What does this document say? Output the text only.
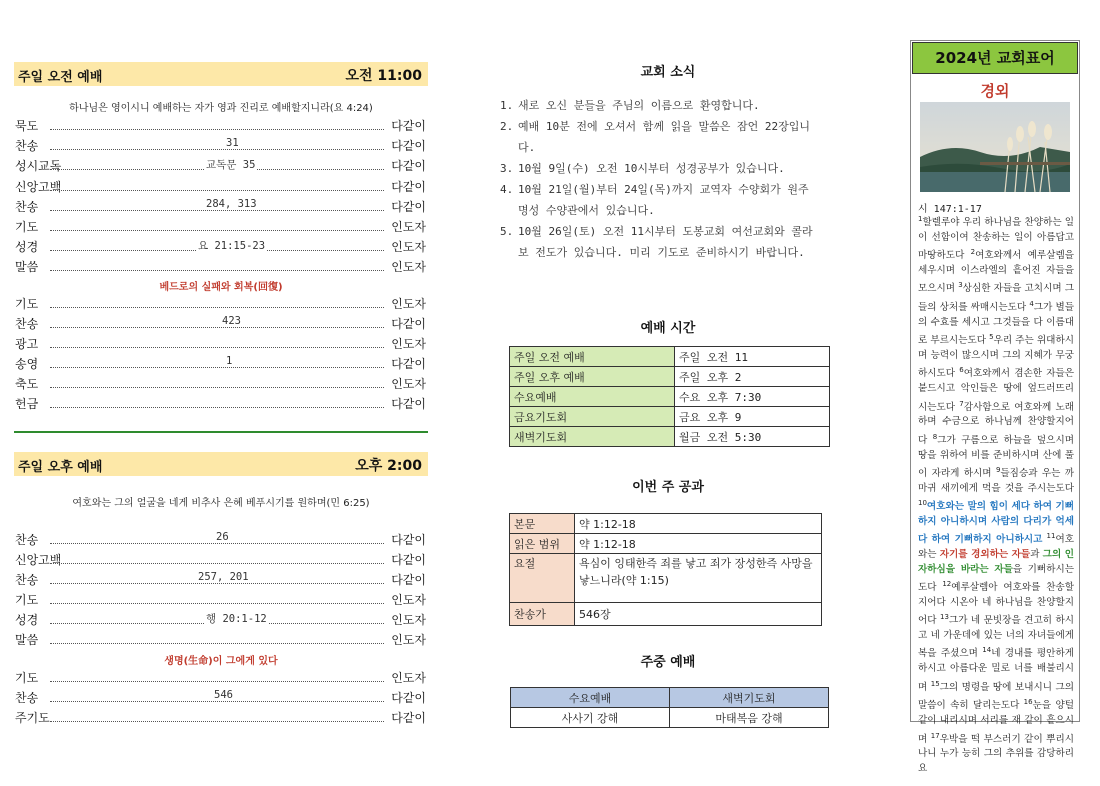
주일 오전 예배	오전 11:00
하나님은 영이시니 예배하는 자가 영과 진리로 예배할지니라(요 4:24)
묵도	다같이
찬송	31	다같이
성시교독	교독문 35	다같이
신앙고백	다같이
찬송	284, 313	다같이
기도	인도자
성경	요 21:15-23	인도자
말씀	인도자
베드로의 실패와 회복(回復)
기도	인도자
찬송	423	다같이
광고	인도자
송영	1	다같이
축도	인도자
헌금	다같이
주일 오후 예배	오후 2:00
여호와는 그의 얼굴을 네게 비추사 은혜 베푸시기를 원하며(민 6:25)
찬송	26	다같이
신앙고백	다같이
찬송	257, 201	다같이
기도	인도자
성경	행 20:1-12	인도자
말씀	인도자
생명(生命)이 그에게 있다
기도	인도자
찬송	546	다같이
주기도	다같이
교회 소식
1. 새로 오신 분들을 주님의 이름으로 환영합니다.
2. 예배 10분 전에 오셔서 함께 읽을 말씀은 잠언 22장입니다.
3. 10월 9일(수) 오전 10시부터 성경공부가 있습니다.
4. 10월 21일(월)부터 24일(목)까지 교역자 수양회가 원주 명성 수양관에서 있습니다.
5. 10월 26일(토) 오전 11시부터 도봉교회 여선교회와 콜라보 전도가 있습니다. 미리 기도로 준비하시기 바랍니다.
예배 시간
주일 오전 예배	주일 오전 11
주일 오후 예배	주일 오후 2
수요예배	수요 오후 7:30
금요기도회	금요 오후 9
새벽기도회	월금 오전 5:30
이번 주 공과
본문	약 1:12-18
읽은 범위	약 1:12-18
요절	욕심이 잉태한즉 죄를 낳고 죄가 장성한즉 사망을 낳느니라(약 1:15)
찬송가	546장
주중 예배
수요예배	새벽기도회
사사기 강해	마태복음 강해
2024년 교회표어
경외
시 147:1-17
$^1$할렐루야 우리 하나님을 찬양하는 일이 선함이여 찬송하는 일이 아름답고 마땅하도다 $^2$여호와께서 예루살렘을 세우시며 이스라엘의 흩어진 자들을 모으시며 $^3$상심한 자들을 고치시며 그들의 상처를 싸매시는도다 $^4$그가 별들의 수효를 세시고 그것들을 다 이름대로 부르시는도다 $^5$우리 주는 위대하시며 능력이 많으시며 그의 지혜가 무궁하시도다 $^6$여호와께서 겸손한 자들은 붙드시고 악인들은 땅에 엎드러뜨리시는도다 $^7$감사함으로 여호와께 노래하며 수금으로 하나님께 찬양할지어다 $^8$그가 구름으로 하늘을 덮으시며 땅을 위하여 비를 준비하시며 산에 풀이 자라게 하시며 $^9$들짐승과 우는 까마귀 새끼에게 먹을 것을 주시는도다 $^{10}$여호와는 말의 힘이 세다 하여 기뻐하지 아니하시며 사람의 다리가 억세다 하여 기뻐하지 아니하시고 $^{11}$여호와는 자기를 경외하는 자들과 그의 인자하심을 바라는 자들을 기뻐하시는도다 $^{12}$예루살렘아 여호와를 찬송할지어다 시온아 네 하나님을 찬양할지어다 $^{13}$그가 네 문빗장을 견고히 하시고 네 가운데에 있는 너의 자녀들에게 복을 주셨으며 $^{14}$네 경내를 평안하게 하시고 아름다운 밀로 너를 배불리시며 $^{15}$그의 명령을 땅에 보내시니 그의 말씀이 속히 달리는도다 $^{16}$눈을 양털 같이 내리시며 서리를 재 같이 흩으시며 $^{17}$우박을 떡 부스러기 같이 뿌리시나니 누가 능히 그의 추위를 감당하리요
